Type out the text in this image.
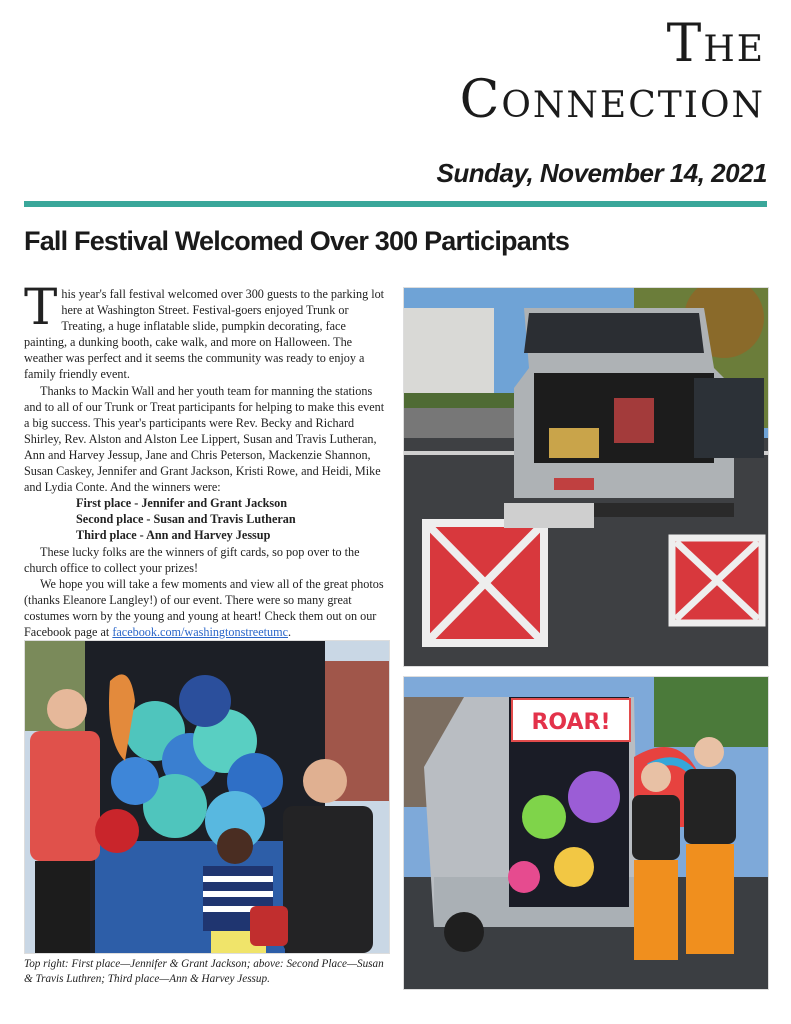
The
Connection
Sunday, November 14, 2021
Fall Festival Welcomed Over 300 Participants

This year's fall festival welcomed over 300 guests to the parking lot here at Washington Street. Festival-goers enjoyed Trunk or Treating, a huge inflatable slide, pumpkin decorating, face painting, a dunking booth, cake walk, and more on Halloween. The weather was perfect and it seems the community was ready to enjoy a family friendly event.

Thanks to Mackin Wall and her youth team for manning the stations and to all of our Trunk or Treat participants for helping to make this event a big success. This year's participants were Rev. Becky and Richard Shirley, Rev. Alston and Alston Lee Lippert, Susan and Travis Lutheran, Ann and Harvey Jessup, Jane and Chris Peterson, Mackenzie Shannon, Susan Caskey, Jennifer and Grant Jackson, Kristi Rowe, and Heidi, Mike and Lydia Conte. And the winners were:

First place - Jennifer and Grant Jackson
Second place - Susan and Travis Lutheran
Third place - Ann and Harvey Jessup

These lucky folks are the winners of gift cards, so pop over to the church office to collect your prizes!

We hope you will take a few moments and view all of the great photos (thanks Eleanore Langley!) of our event. There were so many great costumes worn by the young and young at heart! Check them out on our Facebook page at facebook.com/washingtonstreetumc.

ROAR!
Top right: First place—Jennifer & Grant Jackson; above: Second Place—Susan & Travis Luthren; Third place—Ann & Harvey Jessup.
